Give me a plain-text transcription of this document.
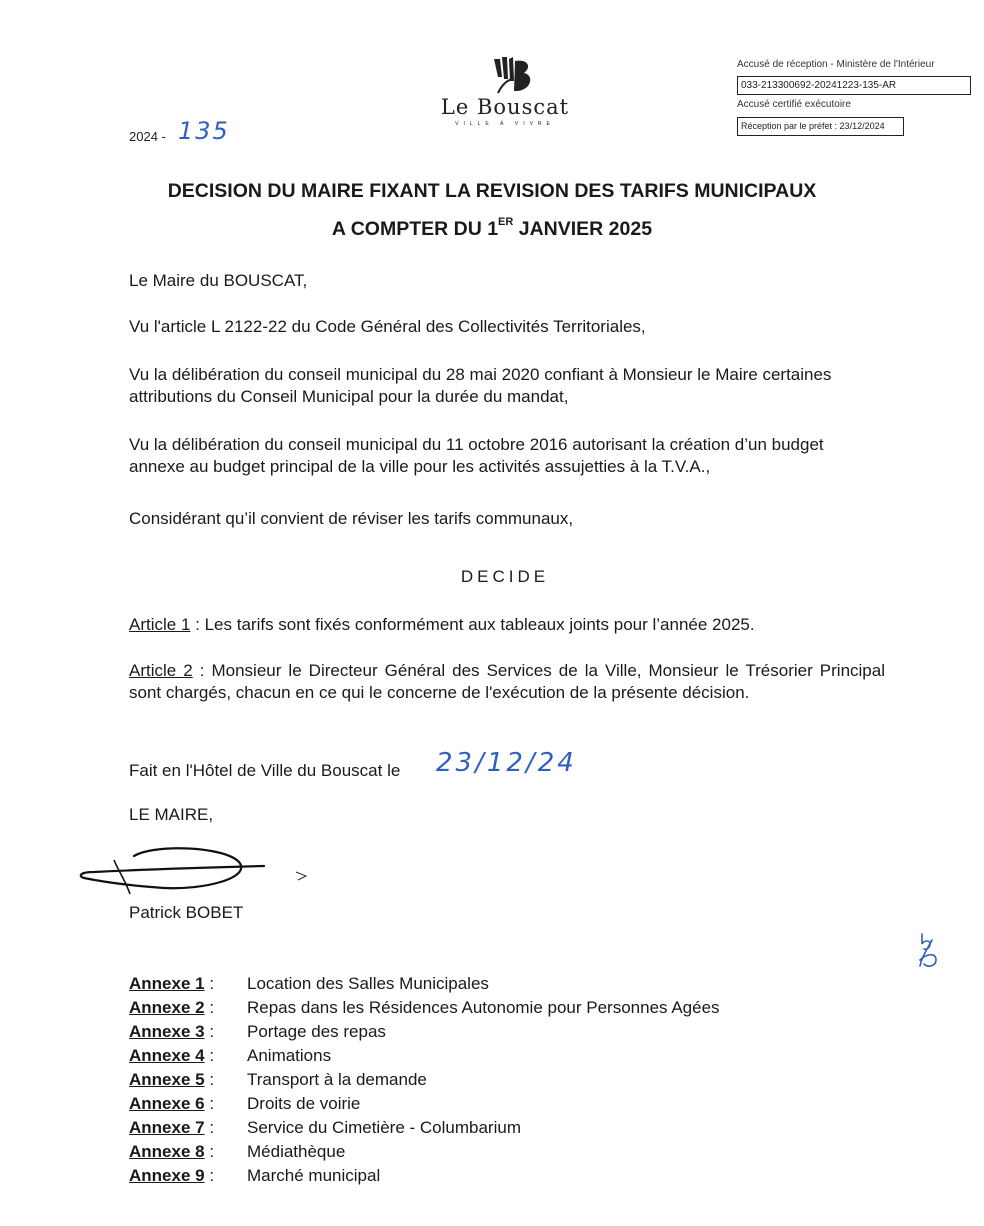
Le Bouscat
VILLE À VIVRE
2024 - 135
Accusé de réception - Ministère de l'Intérieur
033-213300692-20241223-135-AR
Accusé certifié exécutoire
Réception par le préfet : 23/12/2024
DECISION DU MAIRE FIXANT LA REVISION DES TARIFS MUNICIPAUX
A COMPTER DU 1ER JANVIER 2025
Le Maire du BOUSCAT,
Vu l'article L 2122-22 du Code Général des Collectivités Territoriales,
Vu la délibération du conseil municipal du 28 mai 2020 confiant à Monsieur le Maire certaines attributions du Conseil Municipal pour la durée du mandat,
Vu la délibération du conseil municipal du 11 octobre 2016 autorisant la création d’un budget annexe au budget principal de la ville pour les activités assujetties à la T.V.A.,
Considérant qu’il convient de réviser les tarifs communaux,
DECIDE
Article 1 : Les tarifs sont fixés conformément aux tableaux joints pour l’année 2025.
Article 2 : Monsieur le Directeur Général des Services de la Ville, Monsieur le Trésorier Principal sont chargés, chacun en ce qui le concerne de l'exécution de la présente décision.
Fait en l'Hôtel de Ville du Bouscat le 23/12/24
LE MAIRE,
Patrick BOBET
Annexe 1 : Location des Salles Municipales
Annexe 2 : Repas dans les Résidences Autonomie pour Personnes Agées
Annexe 3 : Portage des repas
Annexe 4 : Animations
Annexe 5 : Transport à la demande
Annexe 6 : Droits de voirie
Annexe 7 : Service du Cimetière - Columbarium
Annexe 8 : Médiathèque
Annexe 9 : Marché municipal
